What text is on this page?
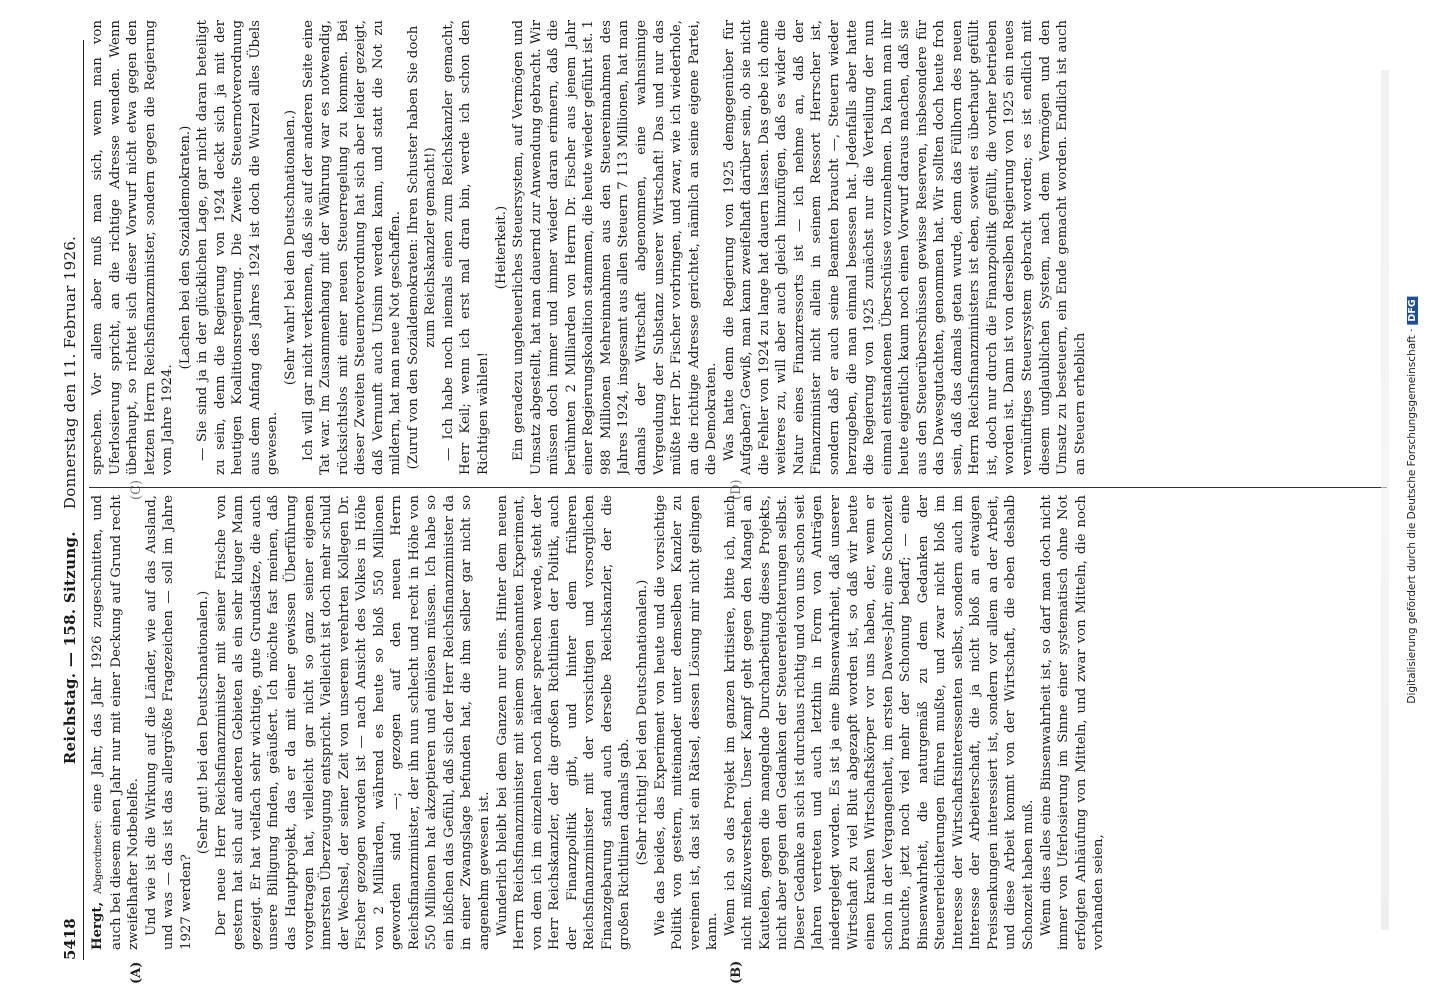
5418
Reichstag. — 158. Sitzung.    Donnerstag den 11. Februar 1926.
(A)	(B)
(C)	(D)

Hergt, Abgeordneter: eine Jahr, das Jahr 1926 zugeschnitten, und auch bei diesem einen Jahr nur mit einer Deckung auf Grund recht zweifelhafter Notbehelfe. Und wie ist die Wirkung auf die Länder, wie auf das Ausland, und was — das ist das allergrößte Fragezeichen — soll im Jahre 1927 werden?

(Sehr gut! bei den Deutschnationalen.) Der neue Herr Reichsfinanzminister mit seiner Frische von gestern hat sich auf anderen Gebieten als ein sehr kluger Mann gezeigt. Er hat vielfach sehr wichtige, gute Grundsätze, die auch unsere Billigung finden, geäußert. Ich möchte fast meinen, daß das Hauptprojekt, das er da mit einer gewissen Überführung vorgetragen hat, vielleicht gar nicht so ganz seiner eigenen innersten Überzeugung entspricht. Vielleicht ist doch mehr schuld der Wechsel, der seiner Zeit von unserem verehrten Kollegen Dr. Fischer gezogen worden ist — nach Ansicht des Volkes in Höhe von 2 Milliarden, während es heute so bloß 550 Millionen geworden sind —; gezogen auf den neuen Herrn Reichsfinanzminister, der ihn nun schlecht und recht in Höhe von 550 Millionen hat akzeptieren und einlösen müssen. Ich habe so ein bißchen das Gefühl, daß sich der Herr Reichsfinanzminister da in einer Zwangslage befunden hat, die ihm selber gar nicht so angenehm gewesen ist. Wunderlich bleibt bei dem Ganzen nur eins. Hinter dem neuen Herrn Reichsfinanzminister mit seinem sogenannten Experiment, von dem ich im einzelnen noch näher sprechen werde, steht der Herr Reichskanzler, der die großen Richtlinien der Politik, auch der Finanzpolitik gibt, und hinter dem früheren Reichsfinanzminister mit der vorsichtigen und vorsorglichen Finanzgebarung stand auch derselbe Reichskanzler, der die großen Richtlinien damals gab. (Sehr richtig! bei den Deutschnationalen.) Wie das beides, das Experiment von heute und die vorsichtige Politik von gestern, miteinander unter demselben Kanzler zu vereinen ist, das ist ein Rätsel, dessen Lösung mir nicht gelingen kann. Wenn ich so das Projekt im ganzen kritisiere, bitte ich, mich nicht mißzuverstehen. Unser Kampf geht gegen den Mangel an Kautelen, gegen die mangelnde Durcharbeitung dieses Projekts, nicht aber gegen den Gedanken der Steuererleichterungen selbst. Dieser Gedanke an sich ist durchaus richtig und von uns schon seit Jahren vertreten und auch letzthin in Form von Anträgen niedergelegt worden. Es ist ja eine Binsenwahrheit, daß unserer Wirtschaft zu viel Blut abgezapft worden ist, so daß wir heute einen kranken Wirtschaftskörper vor uns haben, der, wenn er schon in der Vergangenheit, im ersten Dawes-Jahr, eine Schonzeit brauchte, jetzt noch viel mehr der Schonung bedarf; — eine Binsenwahrheit, die naturgemäß zu dem Gedanken der Steuererleichterungen führen mußte, und zwar nicht bloß im Interesse der Wirtschaftsinteressenten selbst, sondern auch im Interesse der Arbeiterschaft, die ja nicht bloß an etwaigen Preissenkungen interessiert ist, sondern vor allem an der Arbeit, und diese Arbeit kommt von der Wirtschaft, die eben deshalb Schonzeit haben muß. Wenn dies alles eine Binsenwahrheit ist, so darf man doch nicht immer von Uferlosierung im Sinne einer systematisch ohne Not erfolgten Anhäufung von Mitteln, und zwar von Mitteln, die noch vorhanden seien,

sprechen. Vor allem aber muß man sich, wenn man von Uferlosierung spricht, an die richtige Adresse wenden. Wenn überhaupt, so richtet sich dieser Vorwurf nicht etwa gegen den letzten Herrn Reichsfinanzminister, sondern gegen die Regierung vom Jahre 1924.

(Lachen bei den Sozialdemokraten.) — Sie sind ja in der glücklichen Lage, gar nicht daran beteiligt zu sein, denn die Regierung von 1924 deckt sich ja mit der heutigen Koalitionsregierung. Die Zweite Steuernotverordnung aus dem Anfang des Jahres 1924 ist doch die Wurzel alles Übels gewesen.

(Sehr wahr! bei den Deutschnationalen.) Ich will gar nicht verkennen, daß sie auf der anderen Seite eine Tat war. Im Zusammenhang mit der Währung war es notwendig, rücksichtslos mit einer neuen Steuerregelung zu kommen. Bei dieser Zweiten Steuernotverordnung hat sich aber leider gezeigt, daß Vernunft auch Unsinn werden kann, und statt die Not zu mildern, hat man neue Not geschaffen. (Zuruf von den Sozialdemokraten: Ihren Schuster haben Sie doch zum Reichskanzler gemacht!) — Ich habe noch niemals einen zum Reichskanzler gemacht, Herr Keil; wenn ich erst mal dran bin, werde ich schon den Richtigen wählen!

(Heiterkeit.) Ein geradezu ungeheuerliches Steuersystem, auf Vermögen und Umsatz abgestellt, hat man dauernd zur Anwendung gebracht. Wir müssen doch immer und immer wieder daran erinnern, daß die berühmten 2 Milliarden von Herrn Dr. Fischer aus jenem Jahr einer Regierungskoalition stammen, die heute wieder geführt ist. 1 988 Millionen Mehreinnahmen aus den Steuereinnahmen des Jahres 1924, insgesamt aus allen Steuern 7 113 Millionen, hat man damals der Wirtschaft abgenommen, eine wahnsinnige Vergeudung der Substanz unserer Wirtschaft! Das und nur das müßte Herr Dr. Fischer vorbringen, und zwar, wie ich wiederhole, an die richtige Adresse gerichtet, nämlich an seine eigene Partei, die Demokraten. Was hatte denn die Regierung von 1925 demgegenüber für Aufgaben? Gewiß, man kann zweifelhaft darüber sein, ob sie nicht die Fehler von 1924 zu lange hat dauern lassen. Das gebe ich ohne weiteres zu, will aber auch gleich hinzufügen, daß es wider die Natur eines Finanzressorts ist — ich nehme an, daß der Finanzminister nicht allein in seinem Ressort Herrscher ist, sondern daß er auch seine Beamten braucht —, Steuern wieder herzugeben, die man einmal besessen hat. Jedenfalls aber hatte die Regierung von 1925 zunächst nur die Verteilung der nun einmal entstandenen Überschüsse vorzunehmen. Da kann man ihr heute eigentlich kaum noch einen Vorwurf daraus machen, daß sie aus den Steuerüberschüssen gewisse Reserven, insbesondere für das Dawesgutachten, genommen hat. Wir sollten doch heute froh sein, daß das damals getan wurde, denn das Füllhorn des neuen Herrn Reichsfinanzministers ist eben, soweit es überhaupt gefüllt ist, doch nur durch die Finanzpolitik gefüllt, die vorher betrieben worden ist. Dann ist von derselben Regierung von 1925 ein neues vernünftiges Steuersystem gebracht worden; es ist endlich mit diesem unglaublichen System, nach dem Vermögen und den Umsatz zu besteuern, ein Ende gemacht worden. Endlich ist auch an Steuern erheblich	Digitalisierung gefördert durch die Deutsche Forschungsgemeinschaft ·DFG
